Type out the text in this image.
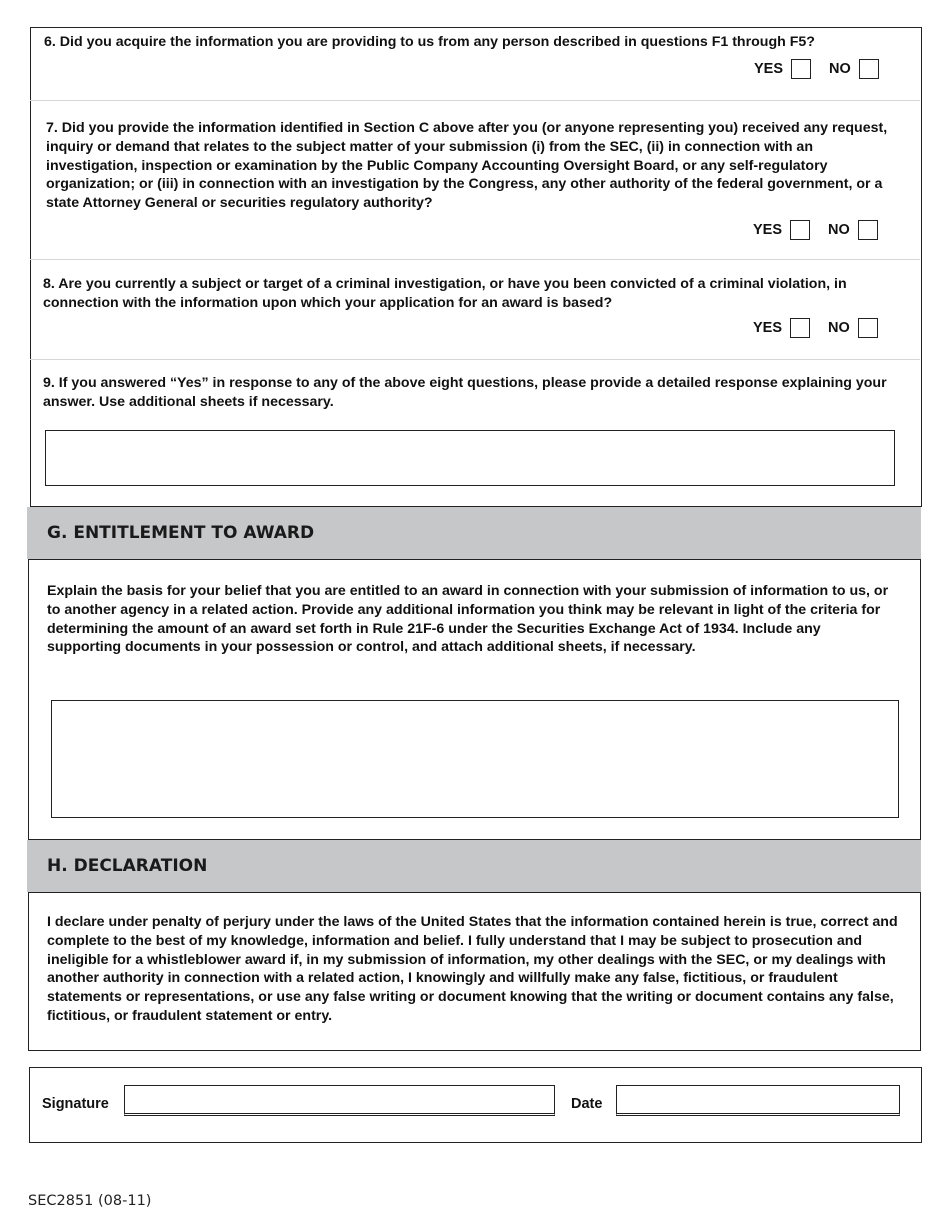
6. Did you acquire the information you are providing to us from any person described in questions F1 through F5?

YES	NO

7. Did you provide the information identified in Section C above after you (or anyone representing you) received any request, inquiry or demand that relates to the subject matter of your submission (i) from the SEC, (ii) in connection with an investigation, inspection or examination by the Public Company Accounting Oversight Board, or any self-regulatory organization; or (iii) in connection with an investigation by the Congress, any other authority of the federal government, or a state Attorney General or securities regulatory authority?

YES	NO

8. Are you currently a subject or target of a criminal investigation, or have you been convicted of a criminal violation, in connection with the information upon which your application for an award is based?

YES	NO

9. If you answered “Yes” in response to any of the above eight questions, please provide a detailed response explaining your answer. Use additional sheets if necessary.

G. ENTITLEMENT TO AWARD

Explain the basis for your belief that you are entitled to an award in connection with your submission of information to us, or to another agency in a related action. Provide any additional information you think may be relevant in light of the criteria for determining the amount of an award set forth in Rule 21F-6 under the Securities Exchange Act of 1934. Include any supporting documents in your possession or control, and attach additional sheets, if necessary.

H. DECLARATION

I declare under penalty of perjury under the laws of the United States that the information contained herein is true, correct and complete to the best of my knowledge, information and belief. I fully understand that I may be subject to prosecution and ineligible for a whistleblower award if, in my submission of information, my other dealings with the SEC, or my dealings with another authority in connection with a related action, I knowingly and willfully make any false, fictitious, or fraudulent statements or representations, or use any false writing or document knowing that the writing or document contains any false, fictitious, or fraudulent statement or entry.

Signature	Date
SEC2851 (08-11)
